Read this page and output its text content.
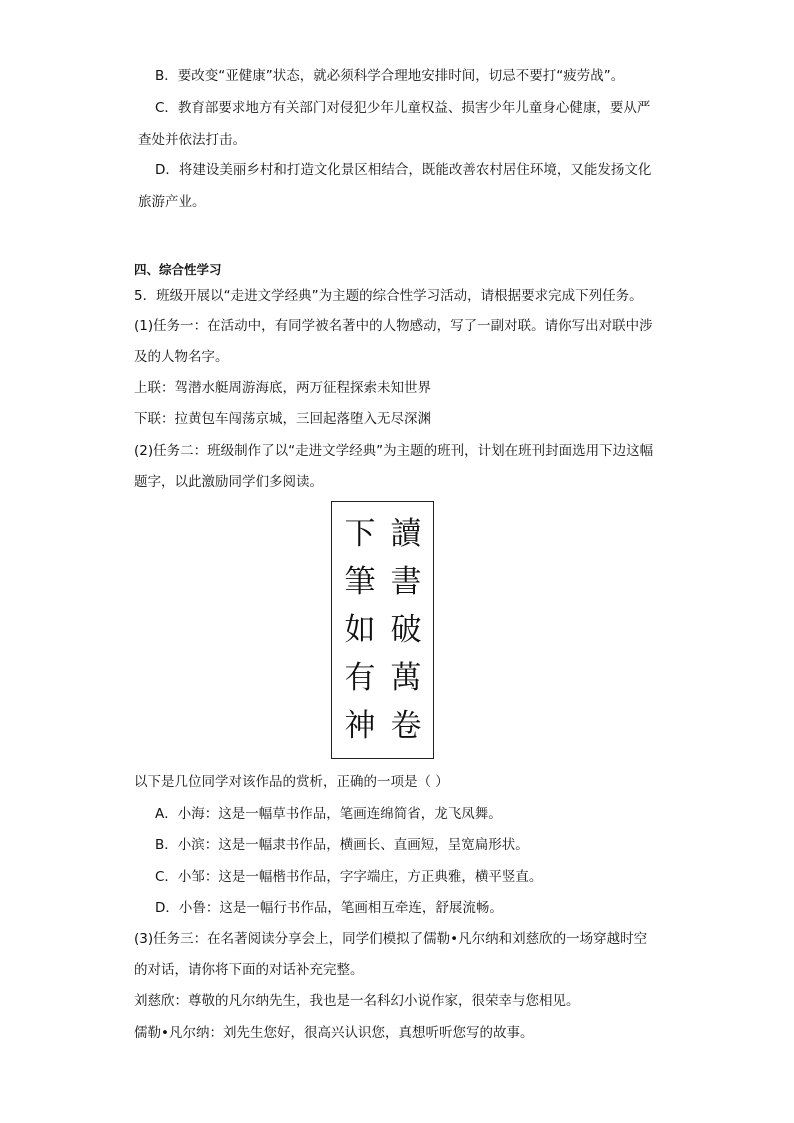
B．要改变“亚健康”状态，就必须科学合理地安排时间，切忌不要打“疲劳战”。
C．教育部要求地方有关部门对侵犯少年儿童权益、损害少年儿童身心健康，要从严
查处并依法打击。
D．将建设美丽乡村和打造文化景区相结合，既能改善农村居住环境，又能发扬文化
旅游产业。
四、综合性学习
5．班级开展以“走进文学经典”为主题的综合性学习活动，请根据要求完成下列任务。
(1)任务一：在活动中，有同学被名著中的人物感动，写了一副对联。请你写出对联中涉
及的人物名字。
上联：驾潜水艇周游海底，两万征程探索未知世界
下联：拉黄包车闯荡京城，三回起落堕入无尽深渊
(2)任务二：班级制作了以“走进文学经典”为主题的班刊，计划在班刊封面选用下边这幅
题字，以此激励同学们多阅读。
讀
書
破
萬
卷
下
筆
如
有
神
以下是几位同学对该作品的赏析，正确的一项是（ ）
A．小海：这是一幅草书作品，笔画连绵简省，龙飞凤舞。
B．小滨：这是一幅隶书作品，横画长、直画短，呈宽扁形状。
C．小邹：这是一幅楷书作品，字字端庄，方正典雅，横平竖直。
D．小鲁：这是一幅行书作品，笔画相互牵连，舒展流畅。
(3)任务三：在名著阅读分享会上，同学们模拟了儒勒•凡尔纳和刘慈欣的一场穿越时空
的对话，请你将下面的对话补充完整。
刘慈欣：尊敬的凡尔纳先生，我也是一名科幻小说作家，很荣幸与您相见。
儒勒•凡尔纳：刘先生您好，很高兴认识您，真想听听您写的故事。
